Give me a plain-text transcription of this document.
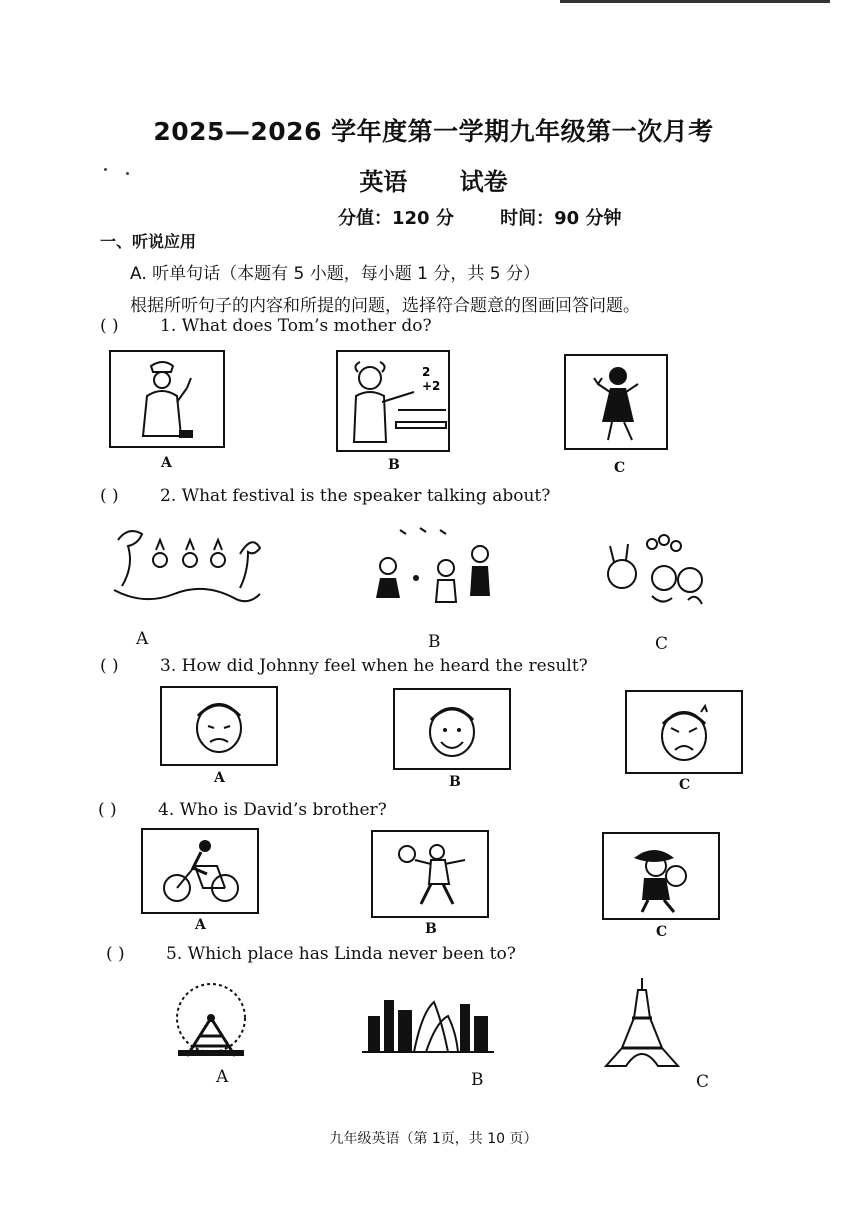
2025—2026 学年度第一学期九年级第一次月考
英语 试卷
分值：120 分	时间：90 分钟
一、听说应用
A. 听单句话（本题有 5 小题，每小题 1 分，共 5 分）
根据所听句子的内容和所提的问题，选择符合题意的图画回答问题。
( ) 1. What does Tom’s mother do?
2
+2
A	B	C
( ) 2. What festival is the speaker talking about?
A	B	C
( ) 3. How did Johnny feel when he heard the result?
A	B	C
( ) 4. Who is David’s brother?
A	B	C
( ) 5. Which place has Linda never been to?
A	B	C
九年级英语（第 1页，共 10 页）
